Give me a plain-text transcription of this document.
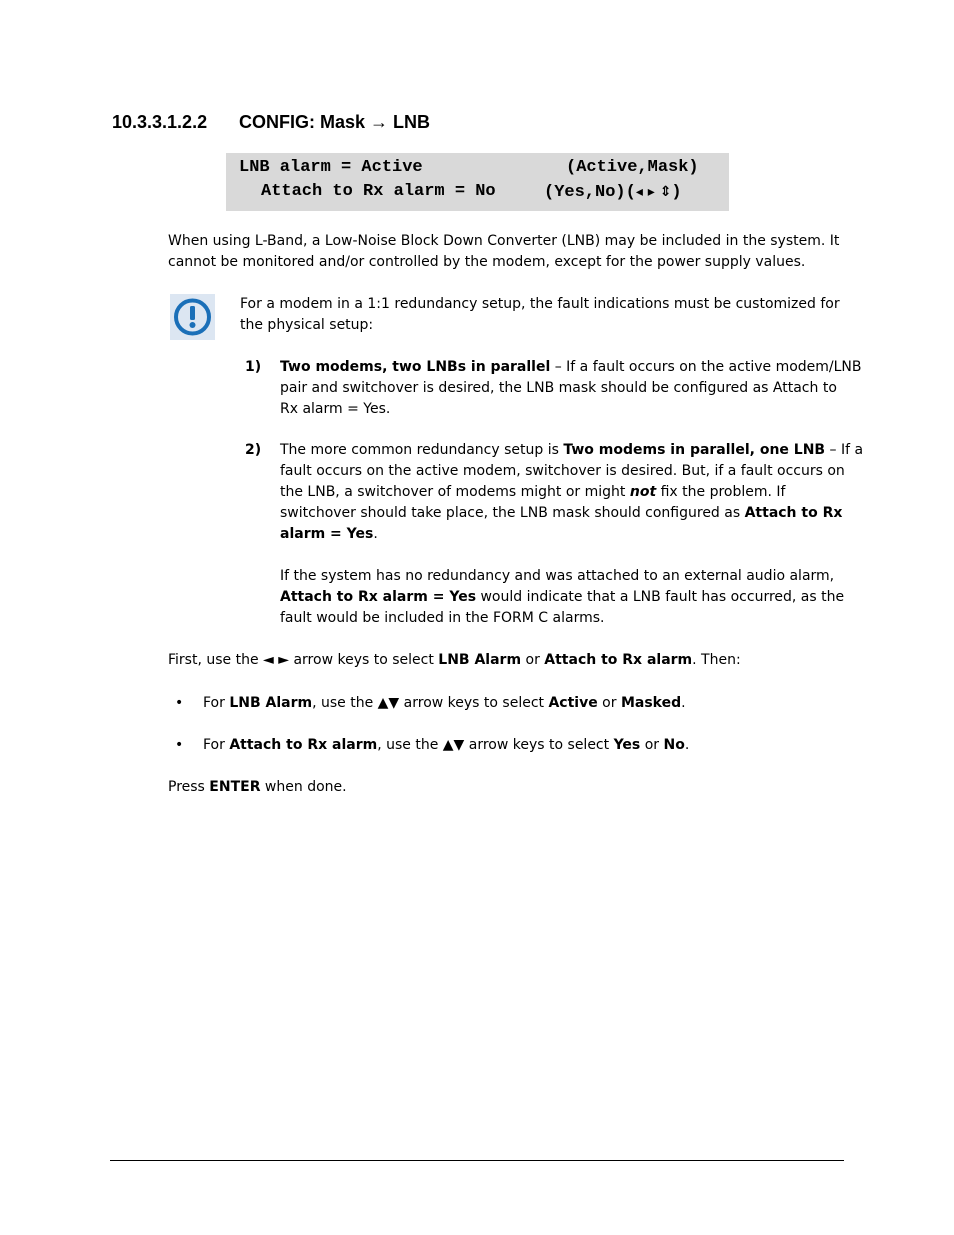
10.3.3.1.2.2 CONFIG: Mask → LNB
LNB alarm = Active	(Active,Mask)
Attach to Rx alarm = No	(Yes,No)(◂ ▸ ⇕)
When using L-Band, a Low-Noise Block Down Converter (LNB) may be included in the system. It
cannot be monitored and/or controlled by the modem, except for the power supply values.
For a modem in a 1:1 redundancy setup, the fault indications must be customized for
the physical setup:
1) Two modems, two LNBs in parallel – If a fault occurs on the active modem/LNB
pair and switchover is desired, the LNB mask should be configured as Attach to
Rx alarm = Yes.
2) The more common redundancy setup is Two modems in parallel, one LNB – If a
fault occurs on the active modem, switchover is desired. But, if a fault occurs on
the LNB, a switchover of modems might or might not fix the problem. If
switchover should take place, the LNB mask should configured as Attach to Rx
alarm = Yes.
If the system has no redundancy and was attached to an external audio alarm,
Attach to Rx alarm = Yes would indicate that a LNB fault has occurred, as the
fault would be included in the FORM C alarms.
First, use the ◄ ► arrow keys to select LNB Alarm or Attach to Rx alarm. Then:
• For LNB Alarm, use the ▲▼ arrow keys to select Active or Masked.
• For Attach to Rx alarm, use the ▲▼ arrow keys to select Yes or No.
Press ENTER when done.
